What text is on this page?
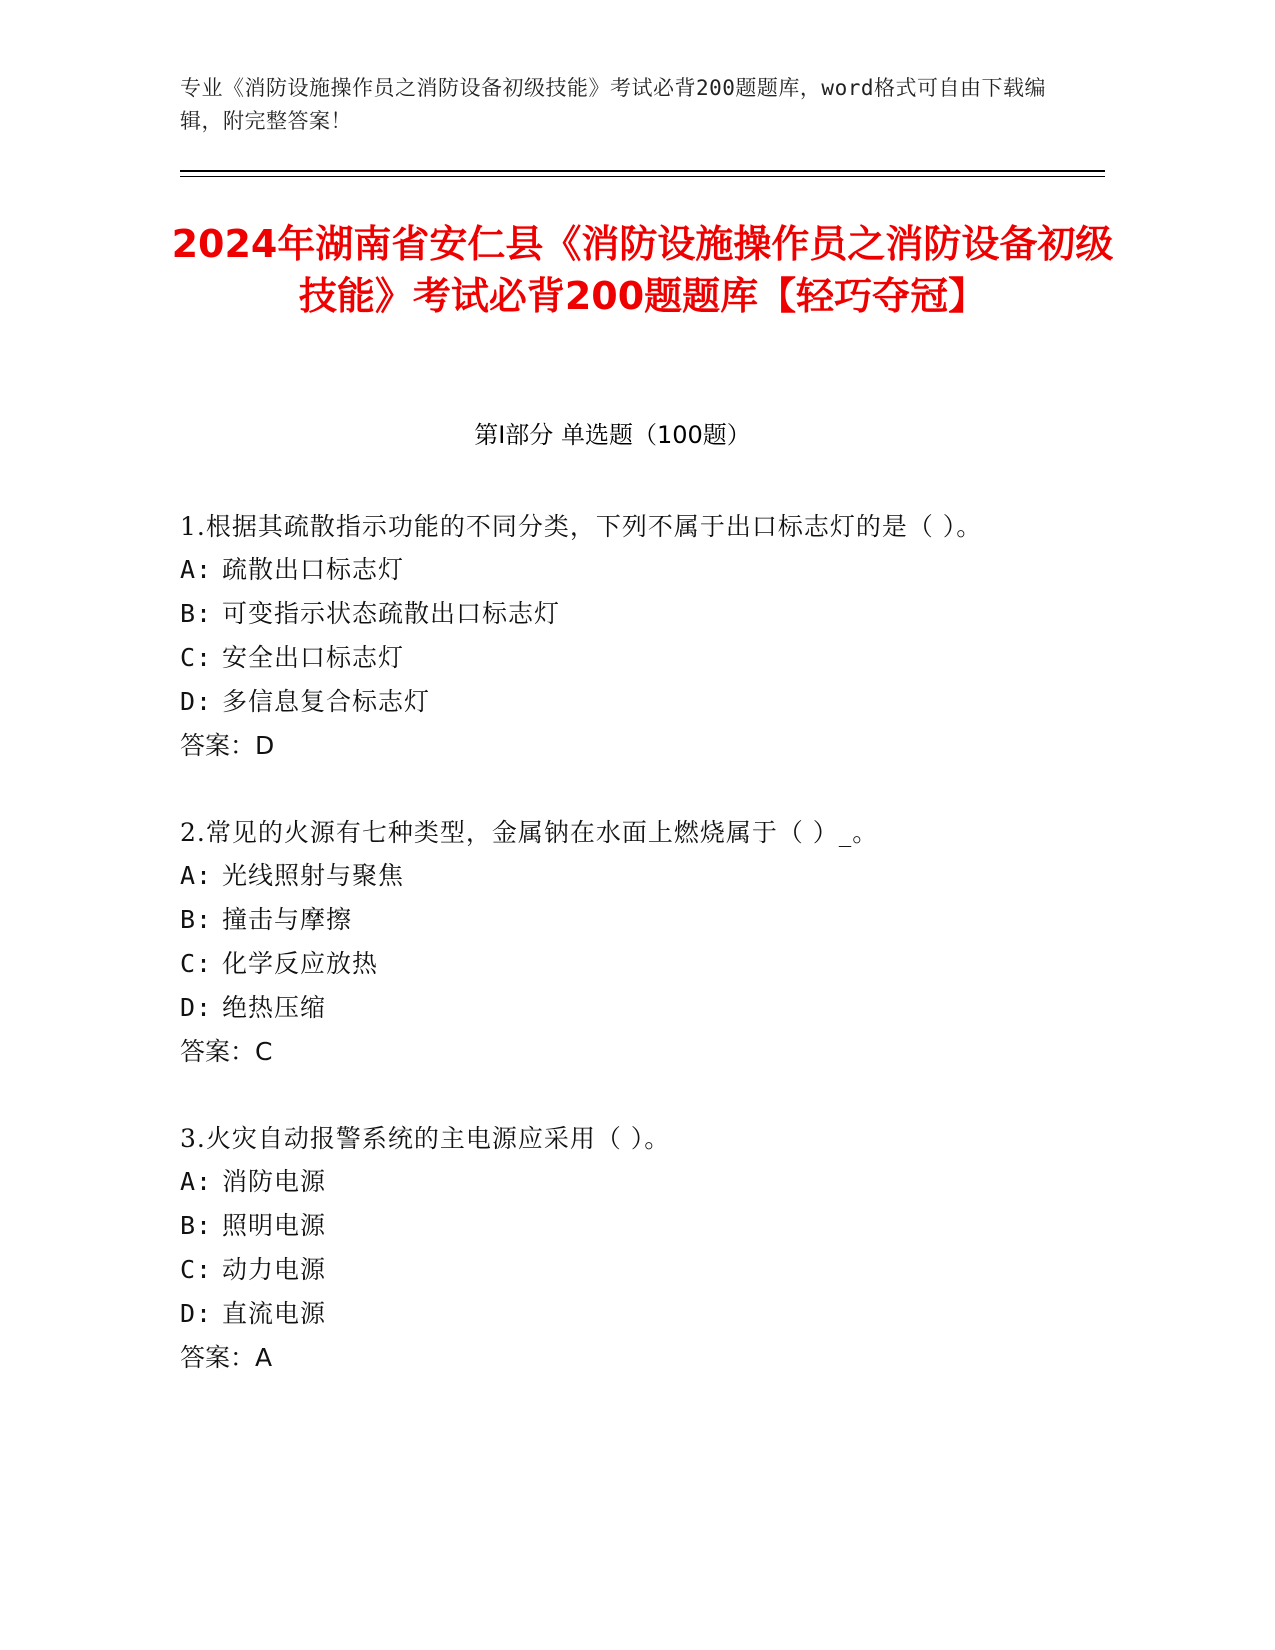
专业《消防设施操作员之消防设备初级技能》考试必背200题题库，word格式可自由下载编辑，附完整答案！
2024年湖南省安仁县《消防设施操作员之消防设备初级技能》考试必背200题题库【轻巧夺冠】
第Ⅰ部分 单选题（100题）
1.根据其疏散指示功能的不同分类，下列不属于出口标志灯的是（ ）。
A: 疏散出口标志灯
B: 可变指示状态疏散出口标志灯
C: 安全出口标志灯
D: 多信息复合标志灯
答案：D
2.常见的火源有七种类型，金属钠在水面上燃烧属于（ ）_。
A: 光线照射与聚焦
B: 撞击与摩擦
C: 化学反应放热
D: 绝热压缩
答案：C
3.火灾自动报警系统的主电源应采用（ ）。
A: 消防电源
B: 照明电源
C: 动力电源
D: 直流电源
答案：A
